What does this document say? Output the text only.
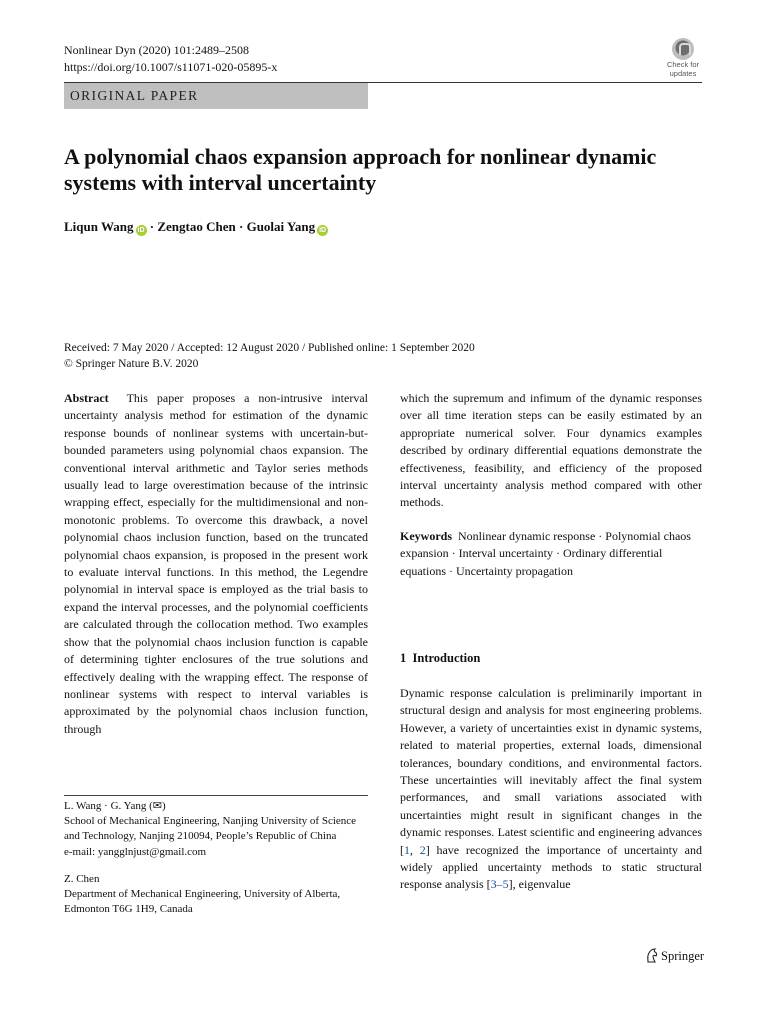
Nonlinear Dyn (2020) 101:2489–2508
https://doi.org/10.1007/s11071-020-05895-x	Check for
updates
ORIGINAL PAPER
A polynomial chaos expansion approach for nonlinear dynamic systems with interval uncertainty
Liqun Wang iD · Zengtao Chen · Guolai Yang iD
Received: 7 May 2020 / Accepted: 12 August 2020 / Published online: 1 September 2020
© Springer Nature B.V. 2020

Abstract This paper proposes a non-intrusive interval uncertainty analysis method for estimation of the dynamic response bounds of nonlinear systems with uncertain-but-bounded parameters using polynomial chaos expansion. The conventional interval arithmetic and Taylor series methods usually lead to large overestimation because of the intrinsic wrapping effect, especially for the multidimensional and non-monotonic problems. To overcome this drawback, a novel polynomial chaos inclusion function, based on the truncated polynomial chaos expansion, is proposed in the present work to evaluate interval functions. In this method, the Legendre polynomial in interval space is employed as the trial basis to expand the interval processes, and the polynomial coefficients are calculated through the collocation method. Two examples show that the polynomial chaos inclusion function is capable of determining tighter enclosures of the true solutions and effectively dealing with the wrapping effect. The response of nonlinear systems with respect to interval variables is approximated by the polynomial chaos inclusion function, through

which the supremum and infimum of the dynamic responses over all time iteration steps can be easily estimated by an appropriate numerical solver. Four dynamics examples described by ordinary differential equations demonstrate the effectiveness, feasibility, and efficiency of the proposed interval uncertainty analysis method compared with other methods.

Keywords Nonlinear dynamic response · Polynomial chaos expansion · Interval uncertainty · Ordinary differential equations · Uncertainty propagation
1 Introduction

Dynamic response calculation is preliminarily important in structural design and analysis for most engineering problems. However, a variety of uncertainties exist in dynamic systems, related to material properties, external loads, dimensional tolerances, boundary conditions, and environmental factors. These uncertainties will inevitably affect the final system performances, and small variations associated with uncertainties might result in significant changes in the dynamic responses. Latest scientific and engineering advances [1, 2] have recognized the importance of uncertainty and widely applied uncertainty methods to static structural response analysis [3–5], eigenvalue

L. Wang · G. Yang (✉)

School of Mechanical Engineering, Nanjing University of Science and Technology, Nanjing 210094, People’s Republic of China

e-mail: yangglnjust@gmail.com

Z. Chen

Department of Mechanical Engineering, University of Alberta, Edmonton T6G 1H9, Canada

Springer
